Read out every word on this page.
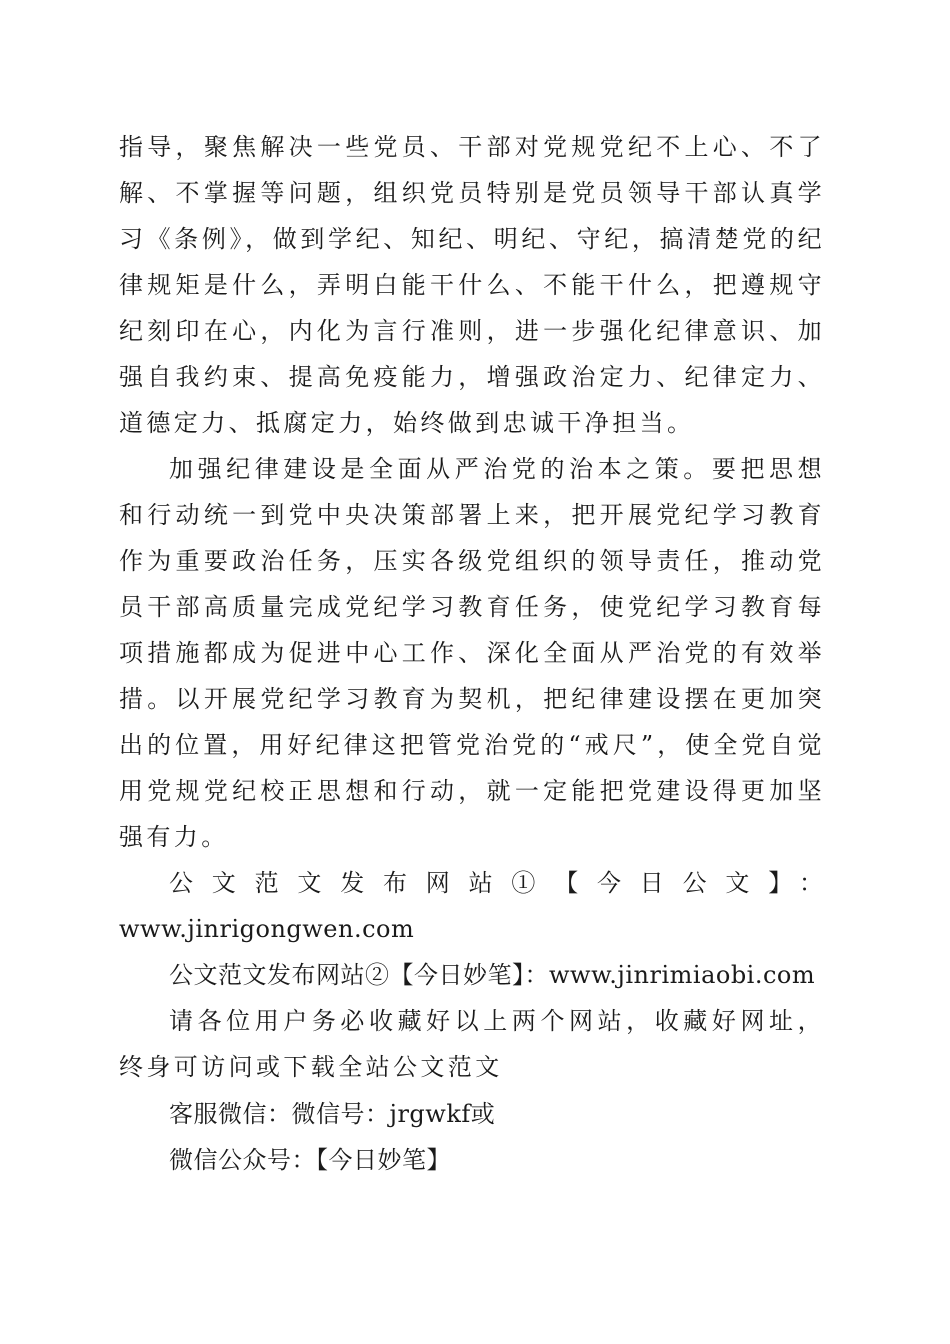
指导，聚焦解决一些党员、干部对党规党纪不上心、不了解、不掌握等问题，组织党员特别是党员领导干部认真学习《条例》，做到学纪、知纪、明纪、守纪，搞清楚党的纪律规矩是什么，弄明白能干什么、不能干什么，把遵规守纪刻印在心，内化为言行准则，进一步强化纪律意识、加强自我约束、提高免疫能力，增强政治定力、纪律定力、道德定力、抵腐定力，始终做到忠诚干净担当。

加强纪律建设是全面从严治党的治本之策。要把思想和行动统一到党中央决策部署上来，把开展党纪学习教育作为重要政治任务，压实各级党组织的领导责任，推动党员干部高质量完成党纪学习教育任务，使党纪学习教育每项措施都成为促进中心工作、深化全面从严治党的有效举措。以开展党纪学习教育为契机，把纪律建设摆在更加突出的位置，用好纪律这把管党治党的“戒尺”，使全党自觉用党规党纪校正思想和行动，就一定能把党建设得更加坚强有力。

公文范文发布网站①【今日公文】：

www.jinrigongwen.com

公文范文发布网站②【今日妙笔】：www.jinrimiaobi.com

请各位用户务必收藏好以上两个网站，收藏好网址，终身可访问或下载全站公文范文

客服微信：微信号：jrgwkf或

微信公众号：【今日妙笔】
